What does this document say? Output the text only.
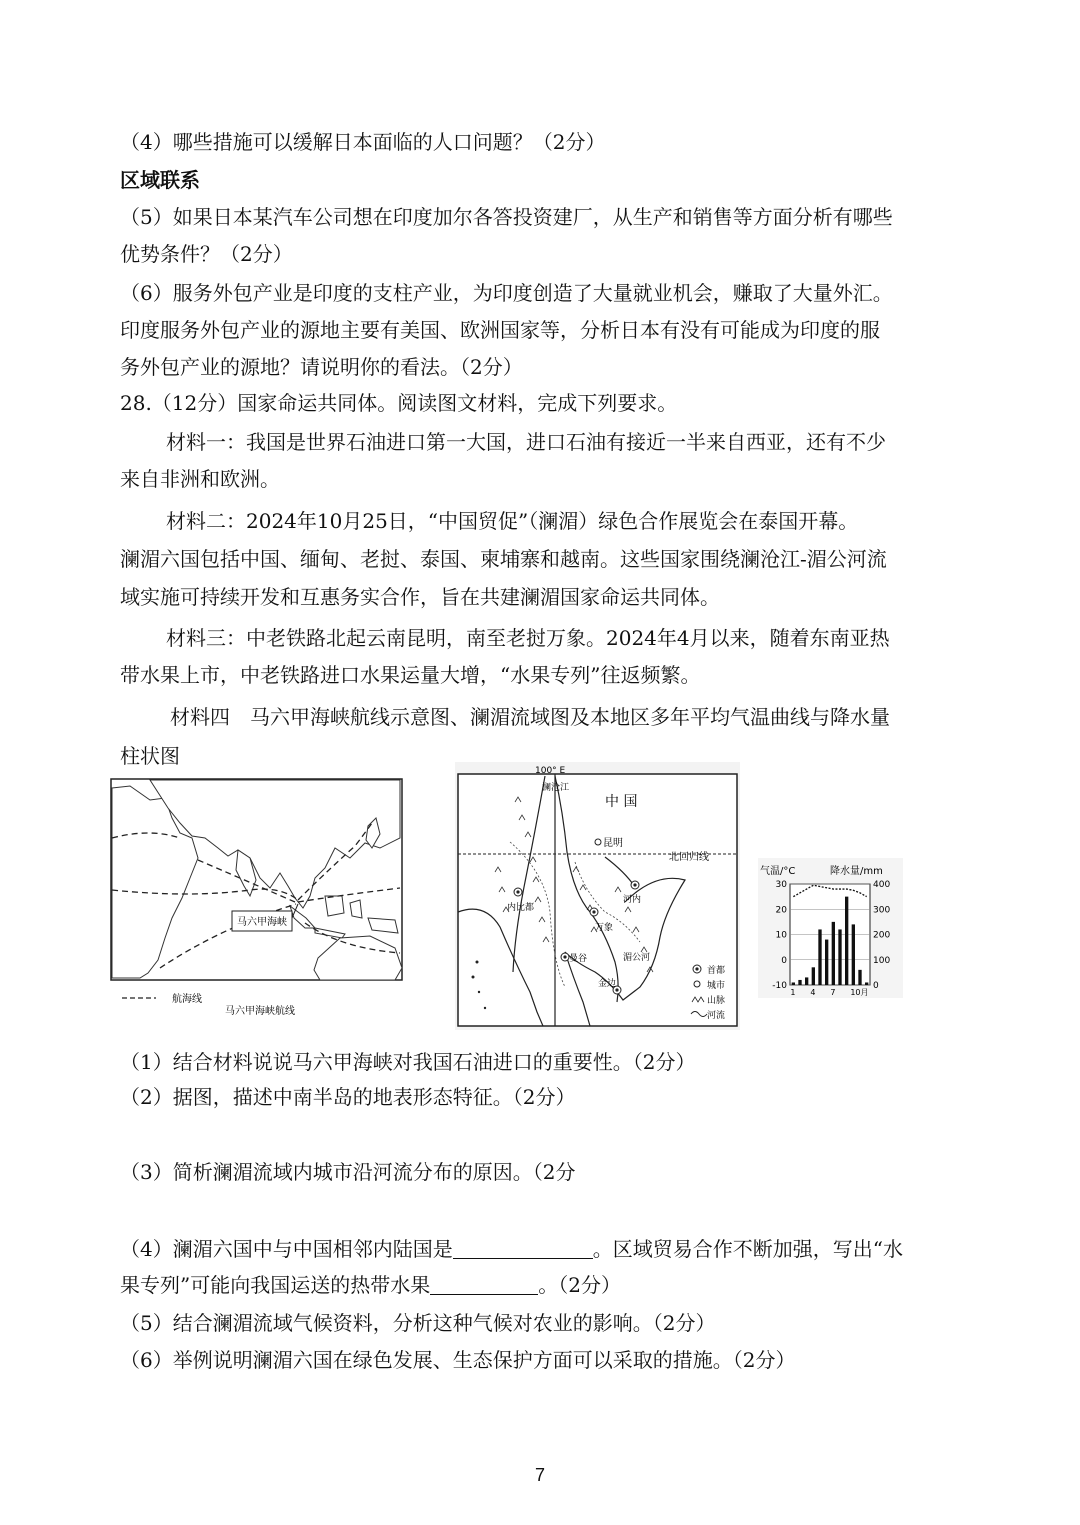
（4）哪些措施可以缓解日本面临的人口问题？（2分）
区域联系
（5）如果日本某汽车公司想在印度加尔各答投资建厂，从生产和销售等方面分析有哪些
优势条件？（2分）
（6）服务外包产业是印度的支柱产业，为印度创造了大量就业机会，赚取了大量外汇。
印度服务外包产业的源地主要有美国、欧洲国家等，分析日本有没有可能成为印度的服
务外包产业的源地？请说明你的看法。（2分）
28.（12分）国家命运共同体。阅读图文材料，完成下列要求。
材料一：我国是世界石油进口第一大国，进口石油有接近一半来自西亚，还有不少
来自非洲和欧洲。
材料二：2024年10月25日，“中国贸促”（澜湄）绿色合作展览会在泰国开幕。
澜湄六国包括中国、缅甸、老挝、泰国、柬埔寨和越南。这些国家围绕澜沧江-湄公河流
域实施可持续开发和互惠务实合作，旨在共建澜湄国家命运共同体。
材料三：中老铁路北起云南昆明，南至老挝万象。2024年4月以来，随着东南亚热
带水果上市，中老铁路进口水果运量大增，“水果专列”往返频繁。
材料四　马六甲海峡航线示意图、澜湄流域图及本地区多年平均气温曲线与降水量
柱状图
马六甲海峡
航海线
马六甲海峡航线
100° E
北回归线
中 国
澜沧江
昆明
内比都
河内
万象
曼谷
金边
湄公河
首都
城市
山脉
河流
气温/°C	降水量/mm
30
20
10
0
-10
400
300
200
100
0
1 4 7 10月
（1）结合材料说说马六甲海峡对我国石油进口的重要性。（2分）
（2）据图，描述中南半岛的地表形态特征。（2分）
（3）简析澜湄流域内城市沿河流分布的原因。（2分
（4）澜湄六国中与中国相邻内陆国是	。区域贸易合作不断加强，写出“水
果专列”可能向我国运送的热带水果	。（2分）
（5）结合澜湄流域气候资料，分析这种气候对农业的影响。（2分）
（6）举例说明澜湄六国在绿色发展、生态保护方面可以采取的措施。（2分）
7
